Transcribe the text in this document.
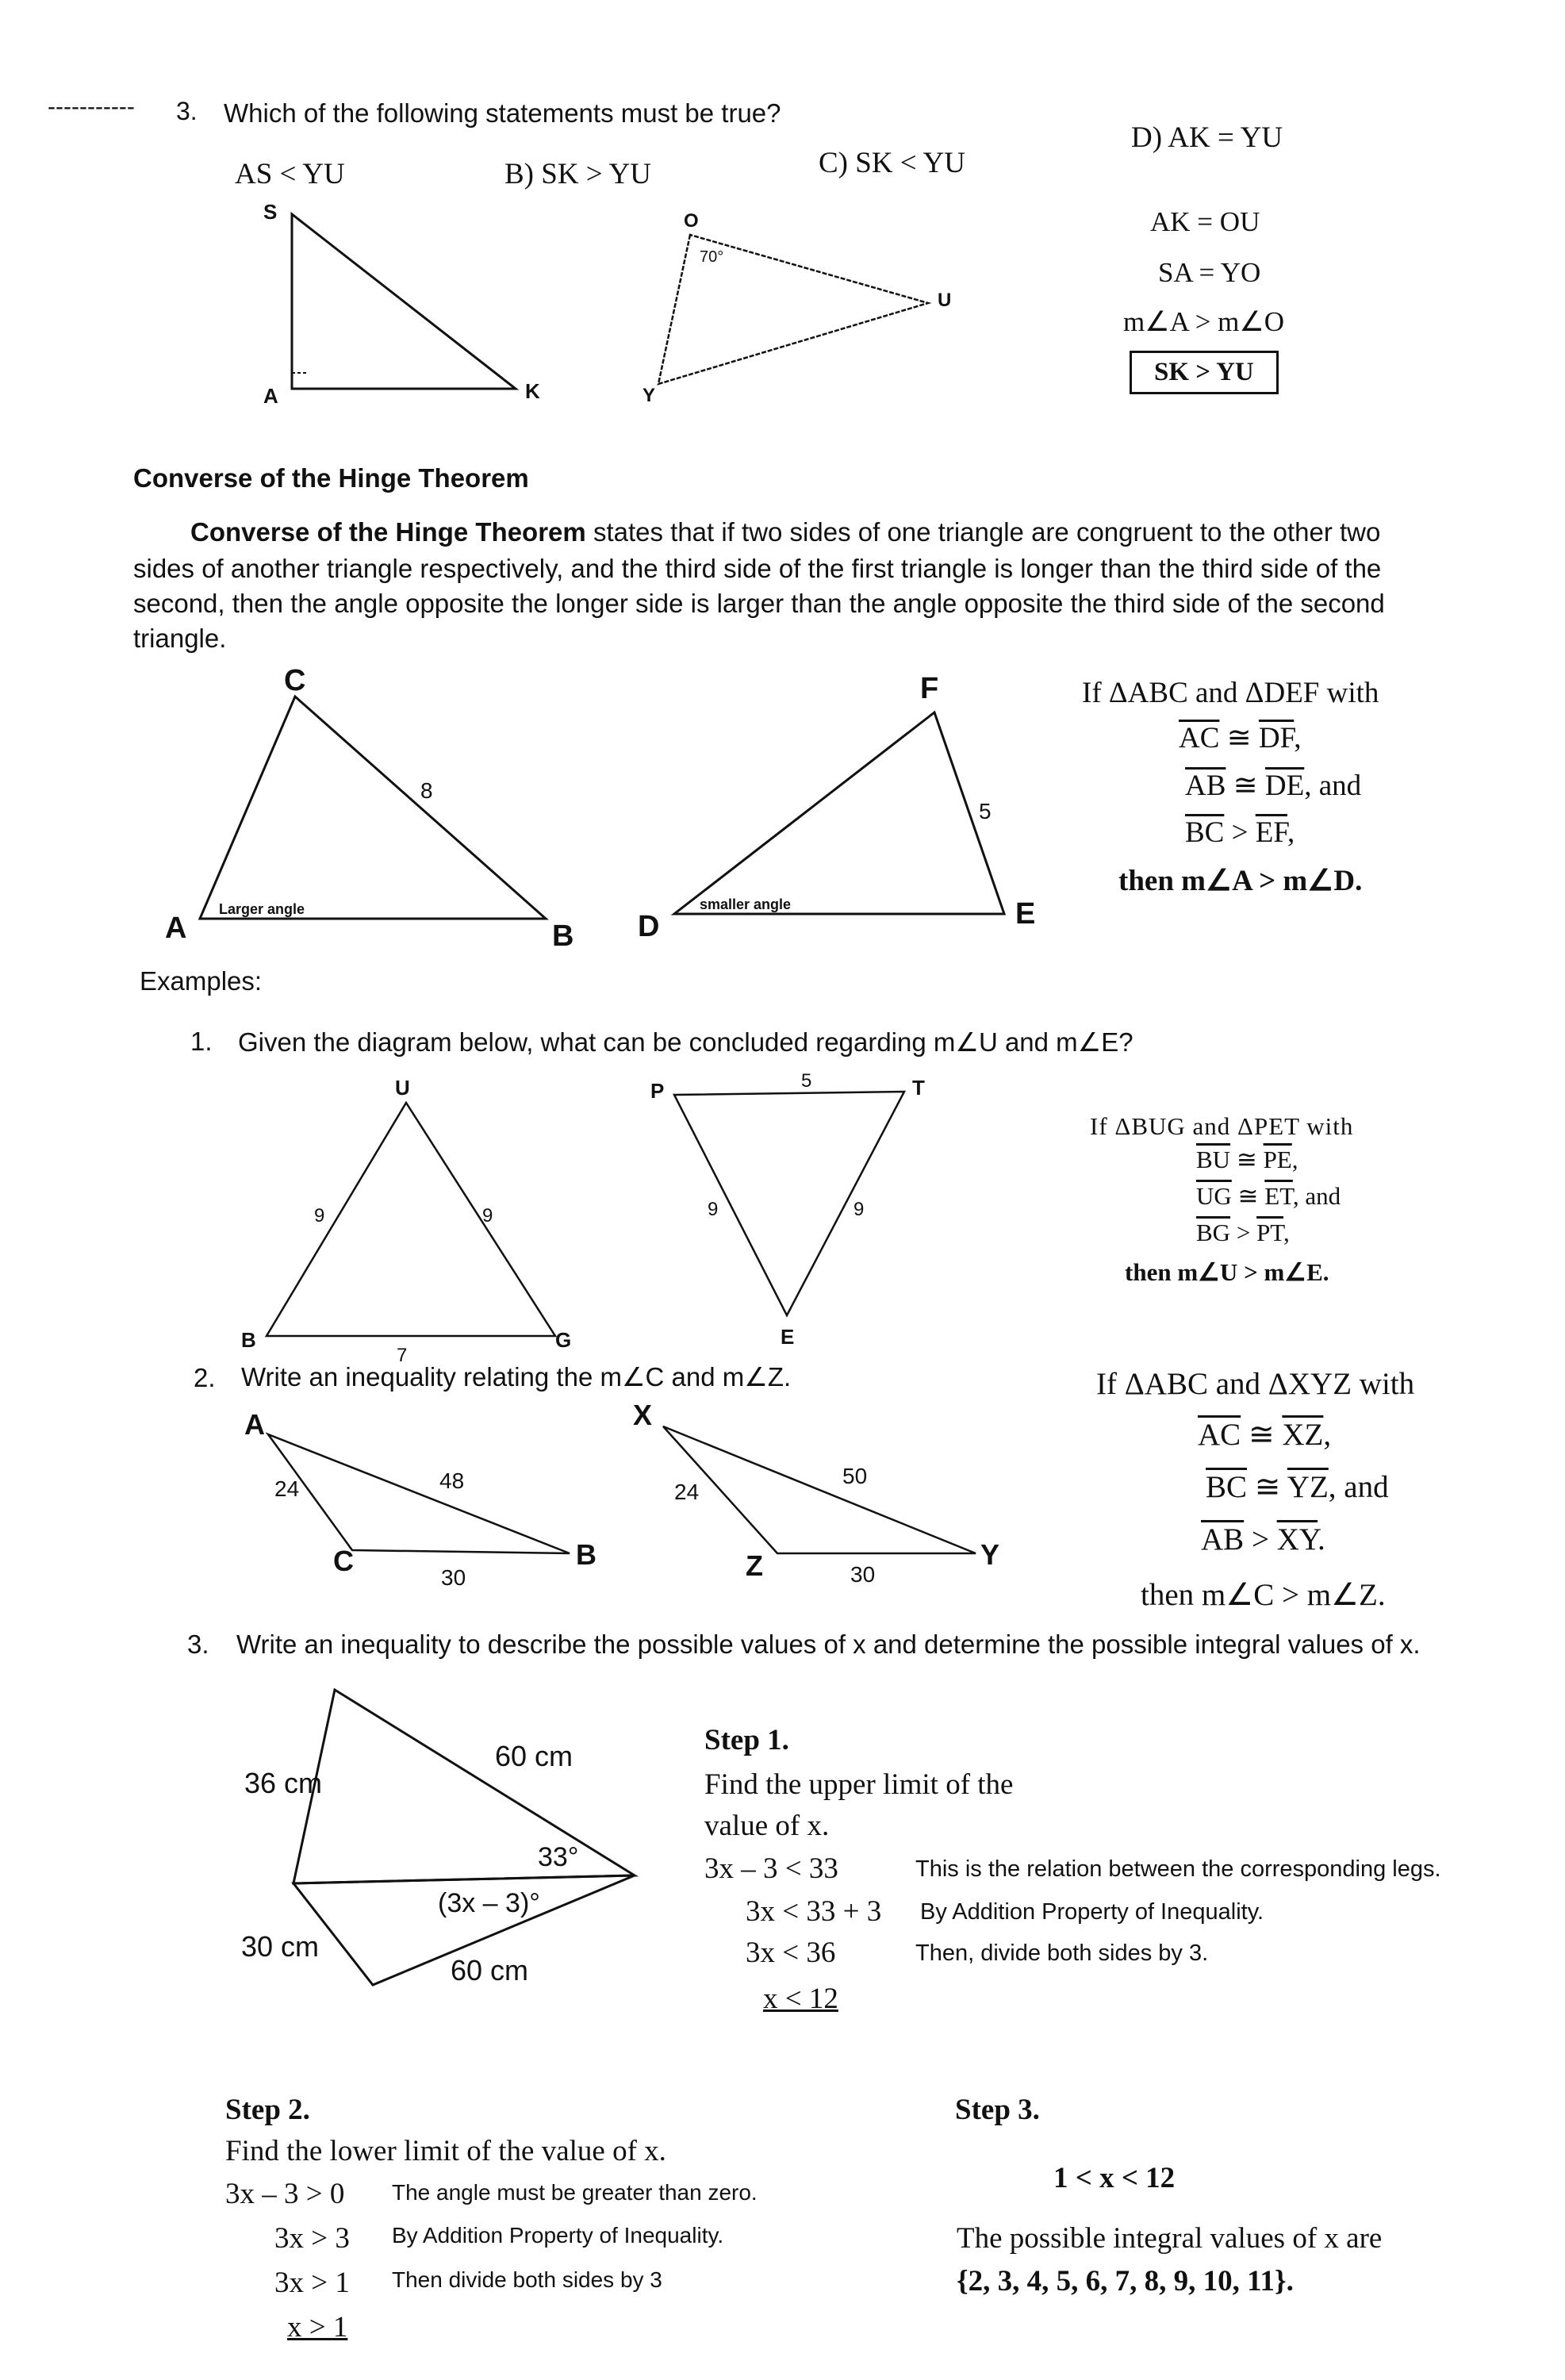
----------- 3. Which of the following statements must be true?
AS < YU	B) SK > YU	C) SK < YU
D) AK = YU
S
A	K
O
Y
U
70°
AK = OU
SA = YO
m∠A > m∠O
SK > YU
Converse of the Hinge Theorem
Converse of the Hinge Theorem states that if two sides of one triangle are congruent to the other two
sides of another triangle respectively, and the third side of the first triangle is longer than the third side of the
second, then the angle opposite the longer side is larger than the angle opposite the third side of the second
triangle.
C
A	B
8
Larger angle
F
D	E
5
smaller angle
If ΔABC and ΔDEF with
$\overline{AC}$ ≅ $\overline{DF}$,
$\overline{AB}$ ≅ $\overline{DE}$, and
$\overline{BC} > \overline{EF}$,
then m∠A > m∠D.
Examples:
1. Given the diagram below, what can be concluded regarding m∠U and m∠E?
U
B	G
9	9
7
P	T
E
5
9	9
If ΔBUG and ΔPET with
$\overline{BU}$ ≅ $\overline{PE}$,
$\overline{UG}$ ≅ $\overline{ET}$, and
$\overline{BG} > \overline{PT}$,
then m∠U > m∠E.
2. Write an inequality relating the m∠C and m∠Z.
A
C	B
24	48
30
X
Z	Y
24
50
30
If ΔABC and ΔXYZ with
$\overline{AC}$ ≅ $\overline{XZ}$,
$\overline{BC}$ ≅ $\overline{YZ}$, and
$\overline{AB} > \overline{XY}$.
then m∠C > m∠Z.
3. Write an inequality to describe the possible values of x and determine the possible integral values of x.
36 cm
60 cm
33°
(3x – 3)°
30 cm
60 cm
Step 1.
Find the upper limit of the
value of x.
3x – 3 < 33	This is the relation between the corresponding legs.
3x < 33 + 3 By Addition Property of Inequality.
3x < 36	Then, divide both sides by 3.
x < 12
Step 2.
Find the lower limit of the value of x.
3x – 3 > 0 The angle must be greater than zero.
3x > 3 By Addition Property of Inequality.
3x > 1 Then divide both sides by 3
x > 1
Step 3.
1 < x < 12
The possible integral values of x are
{2, 3, 4, 5, 6, 7, 8, 9, 10, 11}.
